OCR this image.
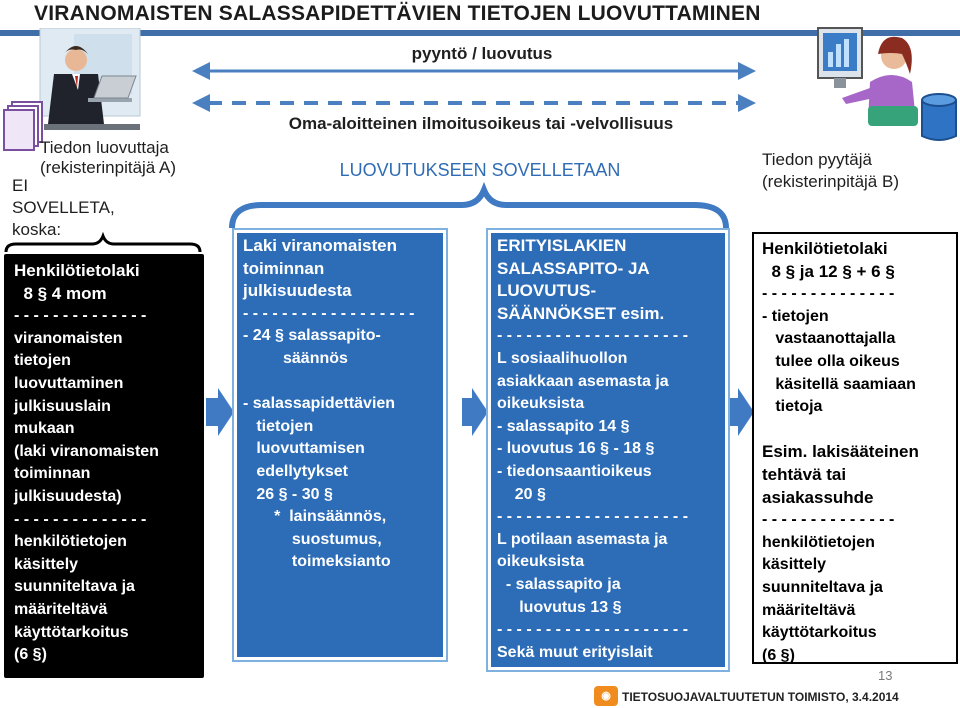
VIRANOMAISTEN SALASSAPIDETTÄVIEN TIETOJEN LUOVUTTAMINEN
pyyntö / luovutus
Oma-aloitteinen ilmoitusoikeus tai -velvollisuus
LUOVUTUKSEEN SOVELLETAAN
Tiedon luovuttaja
(rekisterinpitäjä A)
EI
SOVELLETA,
koska:
Tiedon pyytäjä
(rekisterinpitäjä B)
Henkilötietolaki
8 § 4 mom
- - - - - - - - - - - - - -
viranomaisten
tietojen
luovuttaminen
julkisuuslain
mukaan
(laki viranomaisten
toiminnan
julkisuudesta)
- - - - - - - - - - - - - -
henkilötietojen
käsittely
suunniteltava ja
määriteltävä
käyttötarkoitus
(6 §)
Laki viranomaisten
toiminnan
julkisuudesta
- - - - - - - - - - - - - - - - - -
- 24 § salassapito-
säännös
- salassapidettävien
tietojen
luovuttamisen
edellytykset
26 § - 30 §
*  lainsäännös,
suostumus,
toimeksianto
ERITYISLAKIEN
SALASSAPITO- JA
LUOVUTUS-
SÄÄNNÖKSET esim.
- - - - - - - - - - - - - - - - - - - -
L sosiaalihuollon
asiakkaan asemasta ja
oikeuksista
- salassapito 14 §
- luovutus 16 § - 18 §
- tiedonsaantioikeus
20 §
- - - - - - - - - - - - - - - - - - - -
L potilaan asemasta ja
oikeuksista
- salassapito ja
luovutus 13 §
- - - - - - - - - - - - - - - - - - - -
Sekä muut erityislait
Henkilötietolaki
8 § ja 12 § + 6 §
- - - - - - - - - - - - - -
- tietojen
vastaanottajalla
tulee olla oikeus
käsitellä saamiaan
tietoja
Esim. lakisääteinen
tehtävä tai
asiakassuhde
- - - - - - - - - - - - - -
henkilötietojen
käsittely
suunniteltava ja
määriteltävä
käyttötarkoitus
(6 §)
13
◉ TIETOSUOJAVALTUUTETUN TOIMISTO, 3.4.2014
